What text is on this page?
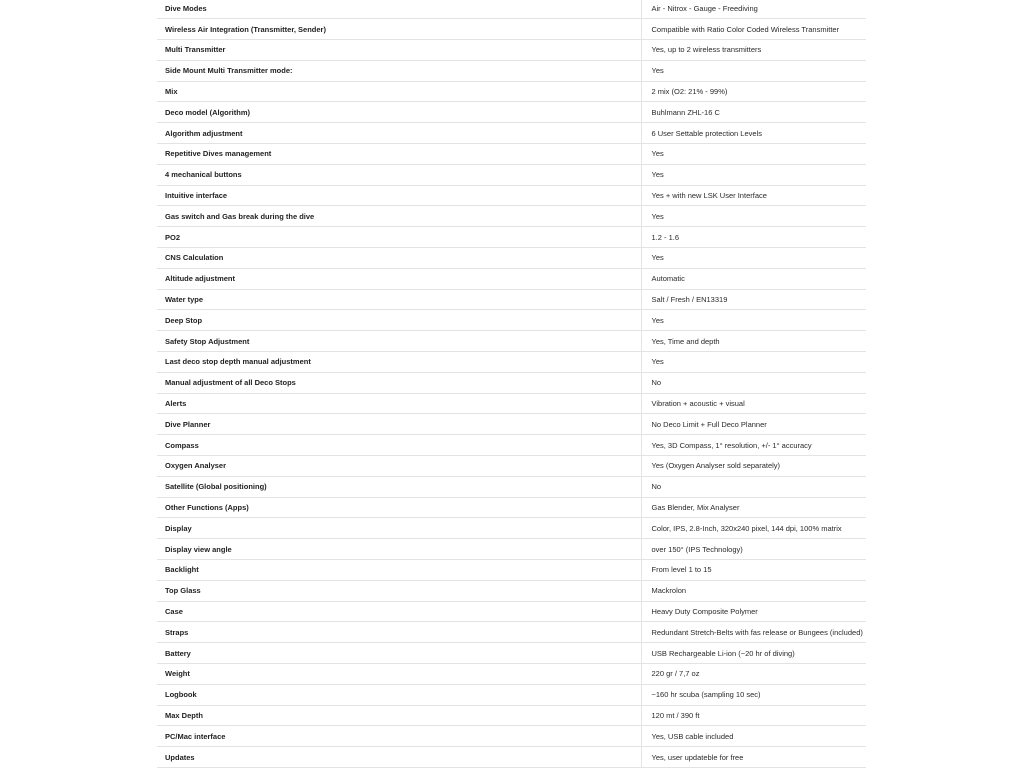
Dive Modes	Air - Nitrox - Gauge - Freediving
Wireless Air Integration (Transmitter, Sender)	Compatible with Ratio Color Coded Wireless Transmitter
Multi Transmitter	Yes, up to 2 wireless transmitters
Side Mount Multi Transmitter mode:	Yes
Mix	2 mix (O2: 21% - 99%)
Deco model (Algorithm)	Buhlmann ZHL-16 C
Algorithm adjustment	6 User Settable protection Levels
Repetitive Dives management	Yes
4 mechanical buttons	Yes
Intuitive interface	Yes + with new LSK User Interface
Gas switch and Gas break during the dive	Yes
PO2	1.2 - 1.6
CNS Calculation	Yes
Altitude adjustment	Automatic
Water type	Salt / Fresh / EN13319
Deep Stop	Yes
Safety Stop Adjustment	Yes, Time and depth
Last deco stop depth manual adjustment	Yes
Manual adjustment of all Deco Stops	No
Alerts	Vibration + acoustic + visual
Dive Planner	No Deco Limit + Full Deco Planner
Compass	Yes, 3D Compass, 1° resolution, +/- 1° accuracy
Oxygen Analyser	Yes (Oxygen Analyser sold separately)
Satellite (Global positioning)	No
Other Functions (Apps)	Gas Blender, Mix Analyser
Display	Color, IPS, 2.8-Inch, 320x240 pixel, 144 dpi, 100% matrix
Display view angle	over 150° (IPS Technology)
Backlight	From level 1 to 15
Top Glass	Mackrolon
Case	Heavy Duty Composite Polymer
Straps	Redundant Stretch-Belts with fas release or Bungees (included)
Battery	USB Rechargeable Li-ion (~20 hr of diving)
Weight	220 gr / 7,7 oz
Logbook	~160 hr scuba (sampling 10 sec)
Max Depth	120 mt / 390 ft
PC/Mac interface	Yes, USB cable included
Updates	Yes, user updateble for free
